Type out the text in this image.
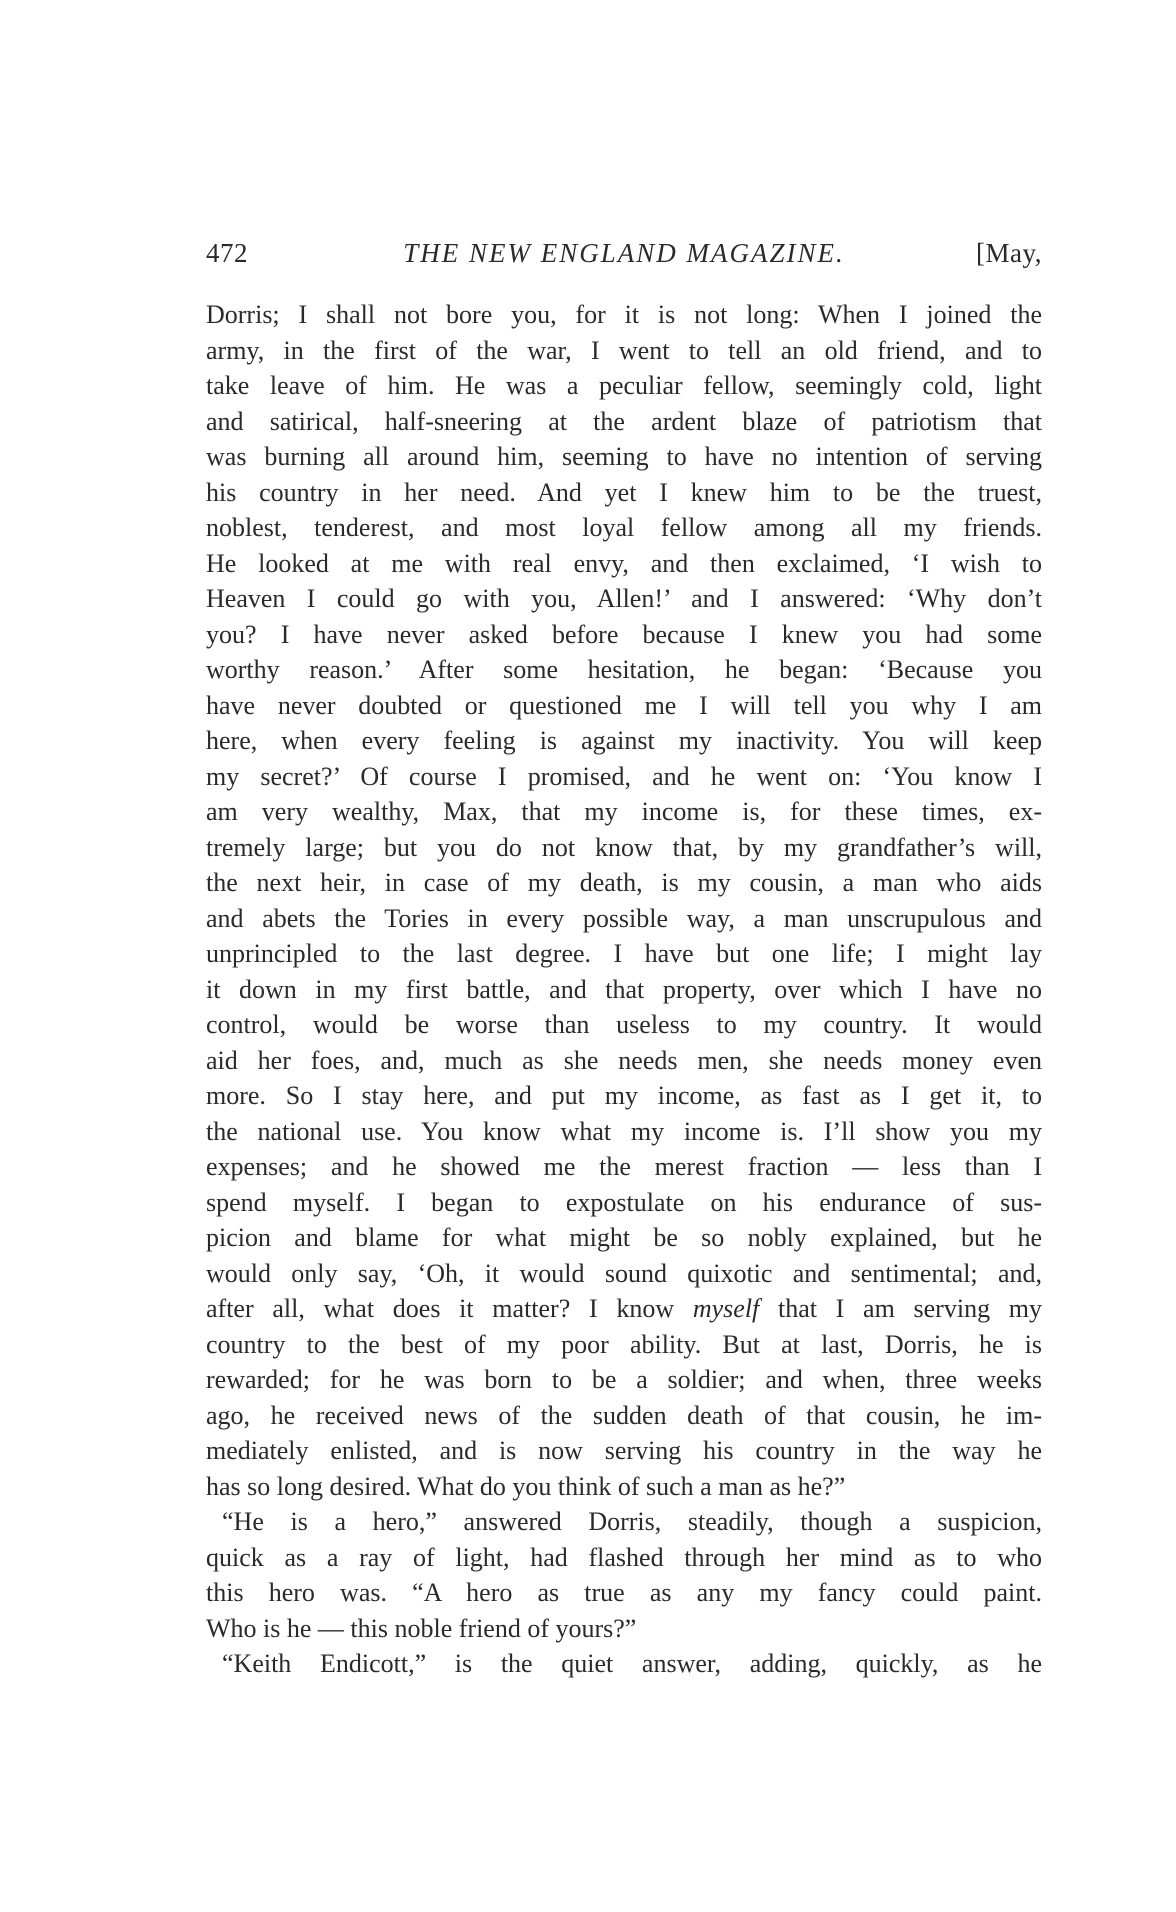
472	THE NEW ENGLAND MAGAZINE.	[May,
Dorris; I shall not bore you, for it is not long: When I joined the
army, in the first of the war, I went to tell an old friend, and to
take leave of him. He was a peculiar fellow, seemingly cold, light
and satirical, half-sneering at the ardent blaze of patriotism that
was burning all around him, seeming to have no intention of serving
his country in her need. And yet I knew him to be the truest,
noblest, tenderest, and most loyal fellow among all my friends.
He looked at me with real envy, and then exclaimed, ‘I wish to
Heaven I could go with you, Allen!’ and I answered: ‘Why don’t
you? I have never asked before because I knew you had some
worthy reason.’ After some hesitation, he began: ‘Because you
have never doubted or questioned me I will tell you why I am
here, when every feeling is against my inactivity. You will keep
my secret?’ Of course I promised, and he went on: ‘You know I
am very wealthy, Max, that my income is, for these times, ex-
tremely large; but you do not know that, by my grandfather’s will,
the next heir, in case of my death, is my cousin, a man who aids
and abets the Tories in every possible way, a man unscrupulous and
unprincipled to the last degree. I have but one life; I might lay
it down in my first battle, and that property, over which I have no
control, would be worse than useless to my country. It would
aid her foes, and, much as she needs men, she needs money even
more. So I stay here, and put my income, as fast as I get it, to
the national use. You know what my income is. I’ll show you my
expenses; and he showed me the merest fraction — less than I
spend myself. I began to expostulate on his endurance of sus-
picion and blame for what might be so nobly explained, but he
would only say, ‘Oh, it would sound quixotic and sentimental; and,
after all, what does it matter? I know myself that I am serving my
country to the best of my poor ability. But at last, Dorris, he is
rewarded; for he was born to be a soldier; and when, three weeks
ago, he received news of the sudden death of that cousin, he im-
mediately enlisted, and is now serving his country in the way he
has so long desired. What do you think of such a man as he?”
“He is a hero,” answered Dorris, steadily, though a suspicion,
quick as a ray of light, had flashed through her mind as to who
this hero was. “A hero as true as any my fancy could paint.
Who is he — this noble friend of yours?”
“Keith Endicott,” is the quiet answer, adding, quickly, as he
